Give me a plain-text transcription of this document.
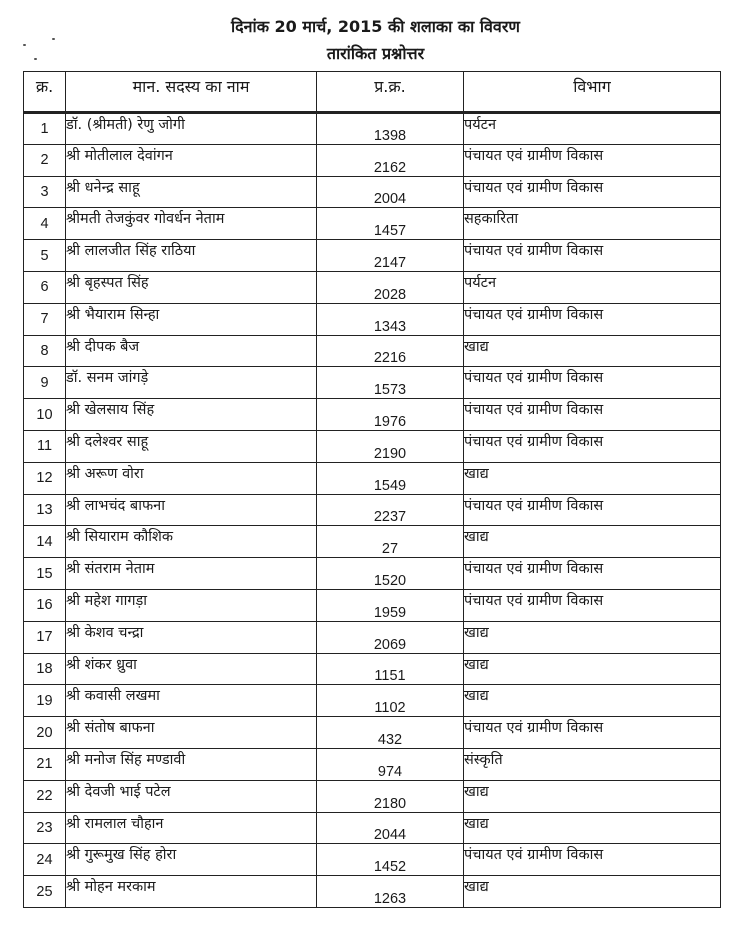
दिनांक 20 मार्च, 2015 की शलाका का विवरण
तारांकित प्रश्नोत्तर
क्र.	मान. सदस्य का नाम	प्र.क्र.	विभाग
1	डॉ. (श्रीमती) रेणु जोगी	1398	पर्यटन
2	श्री मोतीलाल देवांगन	2162	पंचायत एवं ग्रामीण विकास
3	श्री धनेन्द्र साहू	2004	पंचायत एवं ग्रामीण विकास
4	श्रीमती तेजकुंवर गोवर्धन नेताम	1457	सहकारिता
5	श्री लालजीत सिंह राठिया	2147	पंचायत एवं ग्रामीण विकास
6	श्री बृहस्पत सिंह	2028	पर्यटन
7	श्री भैयाराम सिन्हा	1343	पंचायत एवं ग्रामीण विकास
8	श्री दीपक बैज	2216	खाद्य
9	डॉ. सनम जांगड़े	1573	पंचायत एवं ग्रामीण विकास
10	श्री खेलसाय सिंह	1976	पंचायत एवं ग्रामीण विकास
11	श्री दलेश्वर साहू	2190	पंचायत एवं ग्रामीण विकास
12	श्री अरूण वोरा	1549	खाद्य
13	श्री लाभचंद बाफना	2237	पंचायत एवं ग्रामीण विकास
14	श्री सियाराम कौशिक	27	खाद्य
15	श्री संतराम नेताम	1520	पंचायत एवं ग्रामीण विकास
16	श्री महेश गागड़ा	1959	पंचायत एवं ग्रामीण विकास
17	श्री केशव चन्द्रा	2069	खाद्य
18	श्री शंकर ध्रुवा	1151	खाद्य
19	श्री कवासी लखमा	1102	खाद्य
20	श्री संतोष बाफना	432	पंचायत एवं ग्रामीण विकास
21	श्री मनोज सिंह मण्डावी	974	संस्कृति
22	श्री देवजी भाई पटेल	2180	खाद्य
23	श्री रामलाल चौहान	2044	खाद्य
24	श्री गुरूमुख सिंह होरा	1452	पंचायत एवं ग्रामीण विकास
25	श्री मोहन मरकाम	1263	खाद्य
